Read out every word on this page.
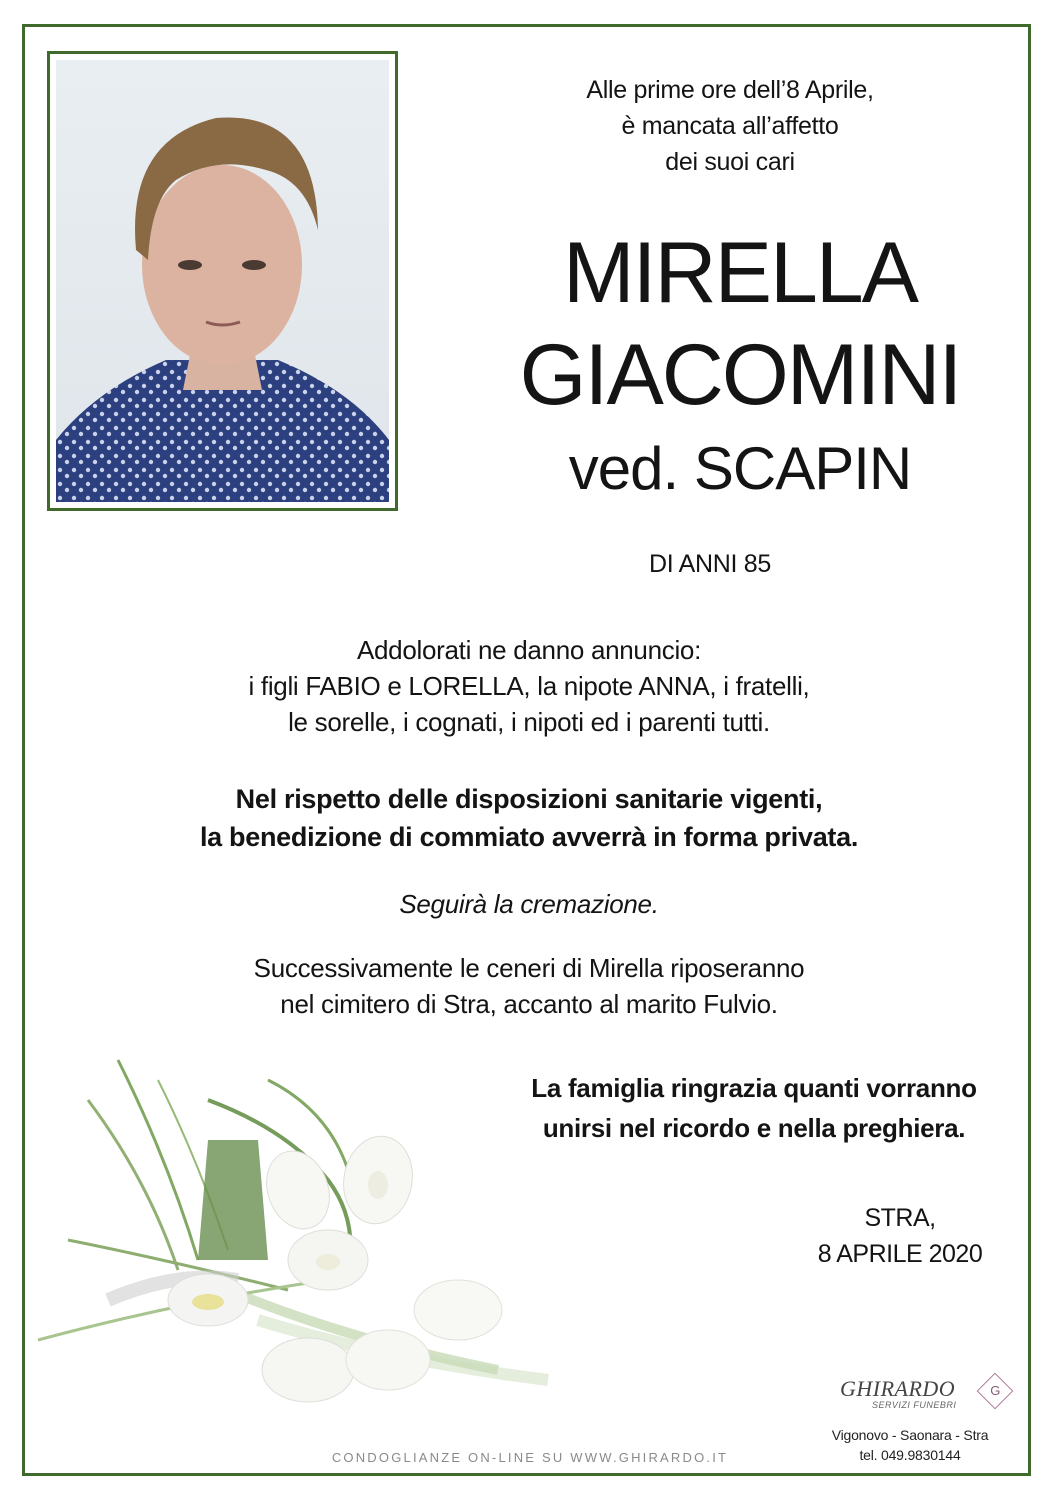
Alle prime ore dell’8 Aprile,
è mancata all’affetto
dei suoi cari
MIRELLA
GIACOMINI
ved. SCAPIN
DI ANNI 85
Addolorati ne danno annuncio:
i figli FABIO e LORELLA, la nipote ANNA, i fratelli,
le sorelle, i cognati, i nipoti ed i parenti tutti.
Nel rispetto delle disposizioni sanitarie vigenti,
la benedizione di commiato avverrà in forma privata.
Seguirà la cremazione.
Successivamente le ceneri di Mirella riposeranno
nel cimitero di Stra, accanto al marito Fulvio.
La famiglia ringrazia quanti vorranno
unirsi nel ricordo e nella preghiera.
STRA,
8 APRILE 2020
GHIRARDO
SERVIZI FUNEBRI
G
Vigonovo - Saonara - Stra
tel. 049.9830144
CONDOGLIANZE ON-LINE SU WWW.GHIRARDO.IT
